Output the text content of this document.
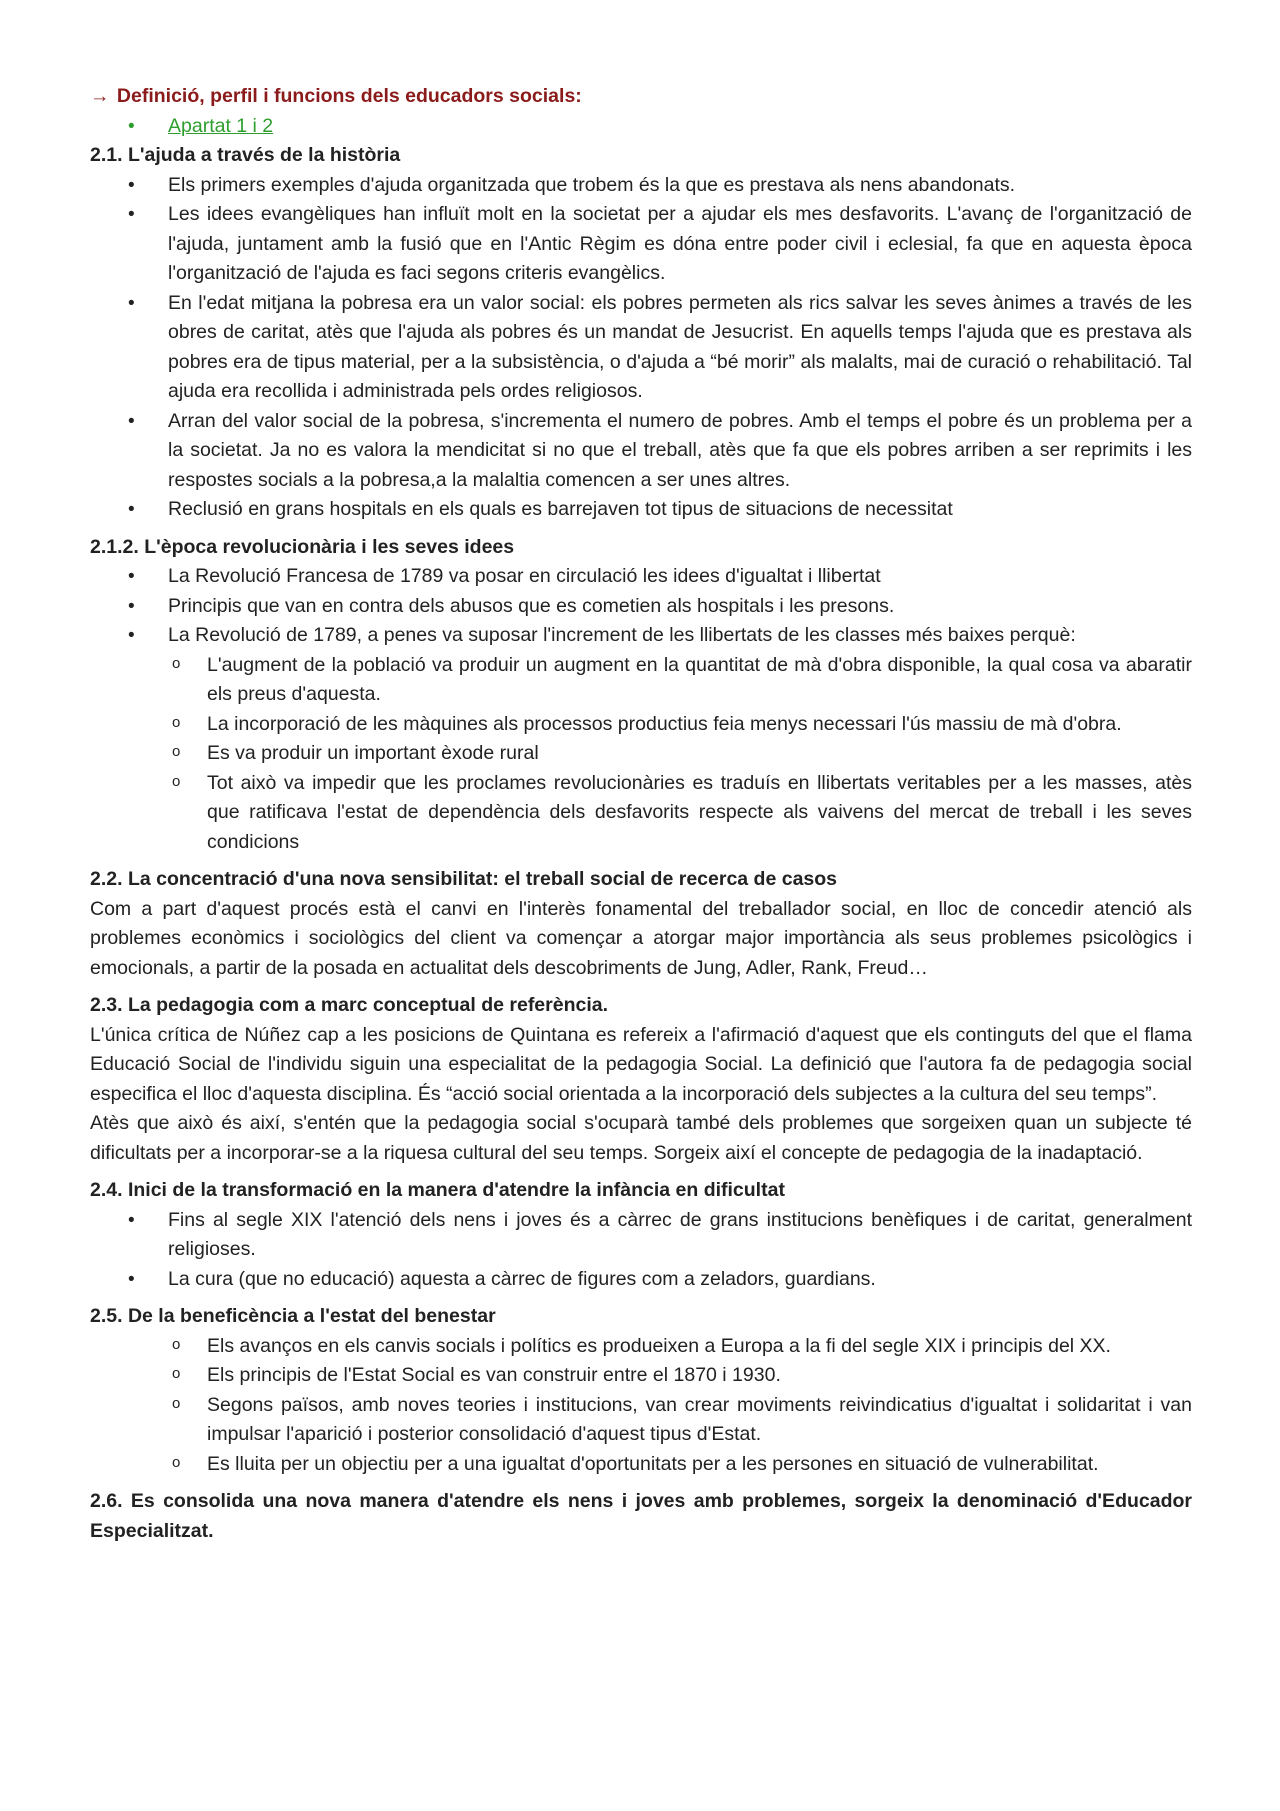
→ Definició, perfil i funcions dels educadors socials:

• Apartat 1 i 2

2.1. L'ajuda a través de la història

• Els primers exemples d'ajuda organitzada que trobem és la que es prestava als nens abandonats.
• Les idees evangèliques han influït molt en la societat per a ajudar els mes desfavorits. L'avanç de l'organització de l'ajuda, juntament amb la fusió que en l'Antic Règim es dóna entre poder civil i eclesial, fa que en aquesta època l'organització de l'ajuda es faci segons criteris evangèlics.
• En l'edat mitjana la pobresa era un valor social: els pobres permeten als rics salvar les seves ànimes a través de les obres de caritat, atès que l'ajuda als pobres és un mandat de Jesucrist. En aquells temps l'ajuda que es prestava als pobres era de tipus material, per a la subsistència, o d'ajuda a “bé morir” als malalts, mai de curació o rehabilitació. Tal ajuda era recollida i administrada pels ordes religiosos.
• Arran del valor social de la pobresa, s'incrementa el numero de pobres. Amb el temps el pobre és un problema per a la societat. Ja no es valora la mendicitat si no que el treball, atès que fa que els pobres arriben a ser reprimits i les respostes socials a la pobresa,a la malaltia comencen a ser unes altres.
• Reclusió en grans hospitals en els quals es barrejaven tot tipus de situacions de necessitat

2.1.2. L'època revolucionària i les seves idees

• La Revolució Francesa de 1789 va posar en circulació les idees d'igualtat i llibertat
• Principis que van en contra dels abusos que es cometien als hospitals i les presons.
• La Revolució de 1789, a penes va suposar l'increment de les llibertats de les classes més baixes perquè:
o L'augment de la població va produir un augment en la quantitat de mà d'obra disponible, la qual cosa va abaratir els preus d'aquesta.
o La incorporació de les màquines als processos productius feia menys necessari l'ús massiu de mà d'obra.
o Es va produir un important èxode rural
o Tot això va impedir que les proclames revolucionàries es traduís en llibertats veritables per a les masses, atès que ratificava l'estat de dependència dels desfavorits respecte als vaivens del mercat de treball i les seves condicions

2.2. La concentració d'una nova sensibilitat: el treball social de recerca de casos

Com a part d'aquest procés està el canvi en l'interès fonamental del treballador social, en lloc de concedir atenció als problemes econòmics i sociològics del client va començar a atorgar major importància als seus problemes psicològics i emocionals, a partir de la posada en actualitat dels descobriments de Jung, Adler, Rank, Freud…

2.3. La pedagogia com a marc conceptual de referència.

L'única crítica de Núñez cap a les posicions de Quintana es refereix a l'afirmació d'aquest que els continguts del que el flama Educació Social de l'individu siguin una especialitat de la pedagogia Social. La definició que l'autora fa de pedagogia social especifica el lloc d'aquesta disciplina. És “acció social orientada a la incorporació dels subjectes a la cultura del seu temps”.

Atès que això és així, s'entén que la pedagogia social s'ocuparà també dels problemes que sorgeixen quan un subjecte té dificultats per a incorporar-se a la riquesa cultural del seu temps. Sorgeix així el concepte de pedagogia de la inadaptació.

2.4. Inici de la transformació en la manera d'atendre la infància en dificultat

• Fins al segle XIX l'atenció dels nens i joves és a càrrec de grans institucions benèfiques i de caritat, generalment religioses.
• La cura (que no educació) aquesta a càrrec de figures com a zeladors, guardians.

2.5. De la beneficència a l'estat del benestar

o Els avanços en els canvis socials i polítics es produeixen a Europa a la fi del segle XIX i principis del XX.
o Els principis de l'Estat Social es van construir entre el 1870 i 1930.
o Segons països, amb noves teories i institucions, van crear moviments reivindicatius d'igualtat i solidaritat i van impulsar l'aparició i posterior consolidació d'aquest tipus d'Estat.
o Es lluita per un objectiu per a una igualtat d'oportunitats per a les persones en situació de vulnerabilitat.

2.6. Es consolida una nova manera d'atendre els nens i joves amb problemes, sorgeix la denominació d'Educador Especialitzat.
